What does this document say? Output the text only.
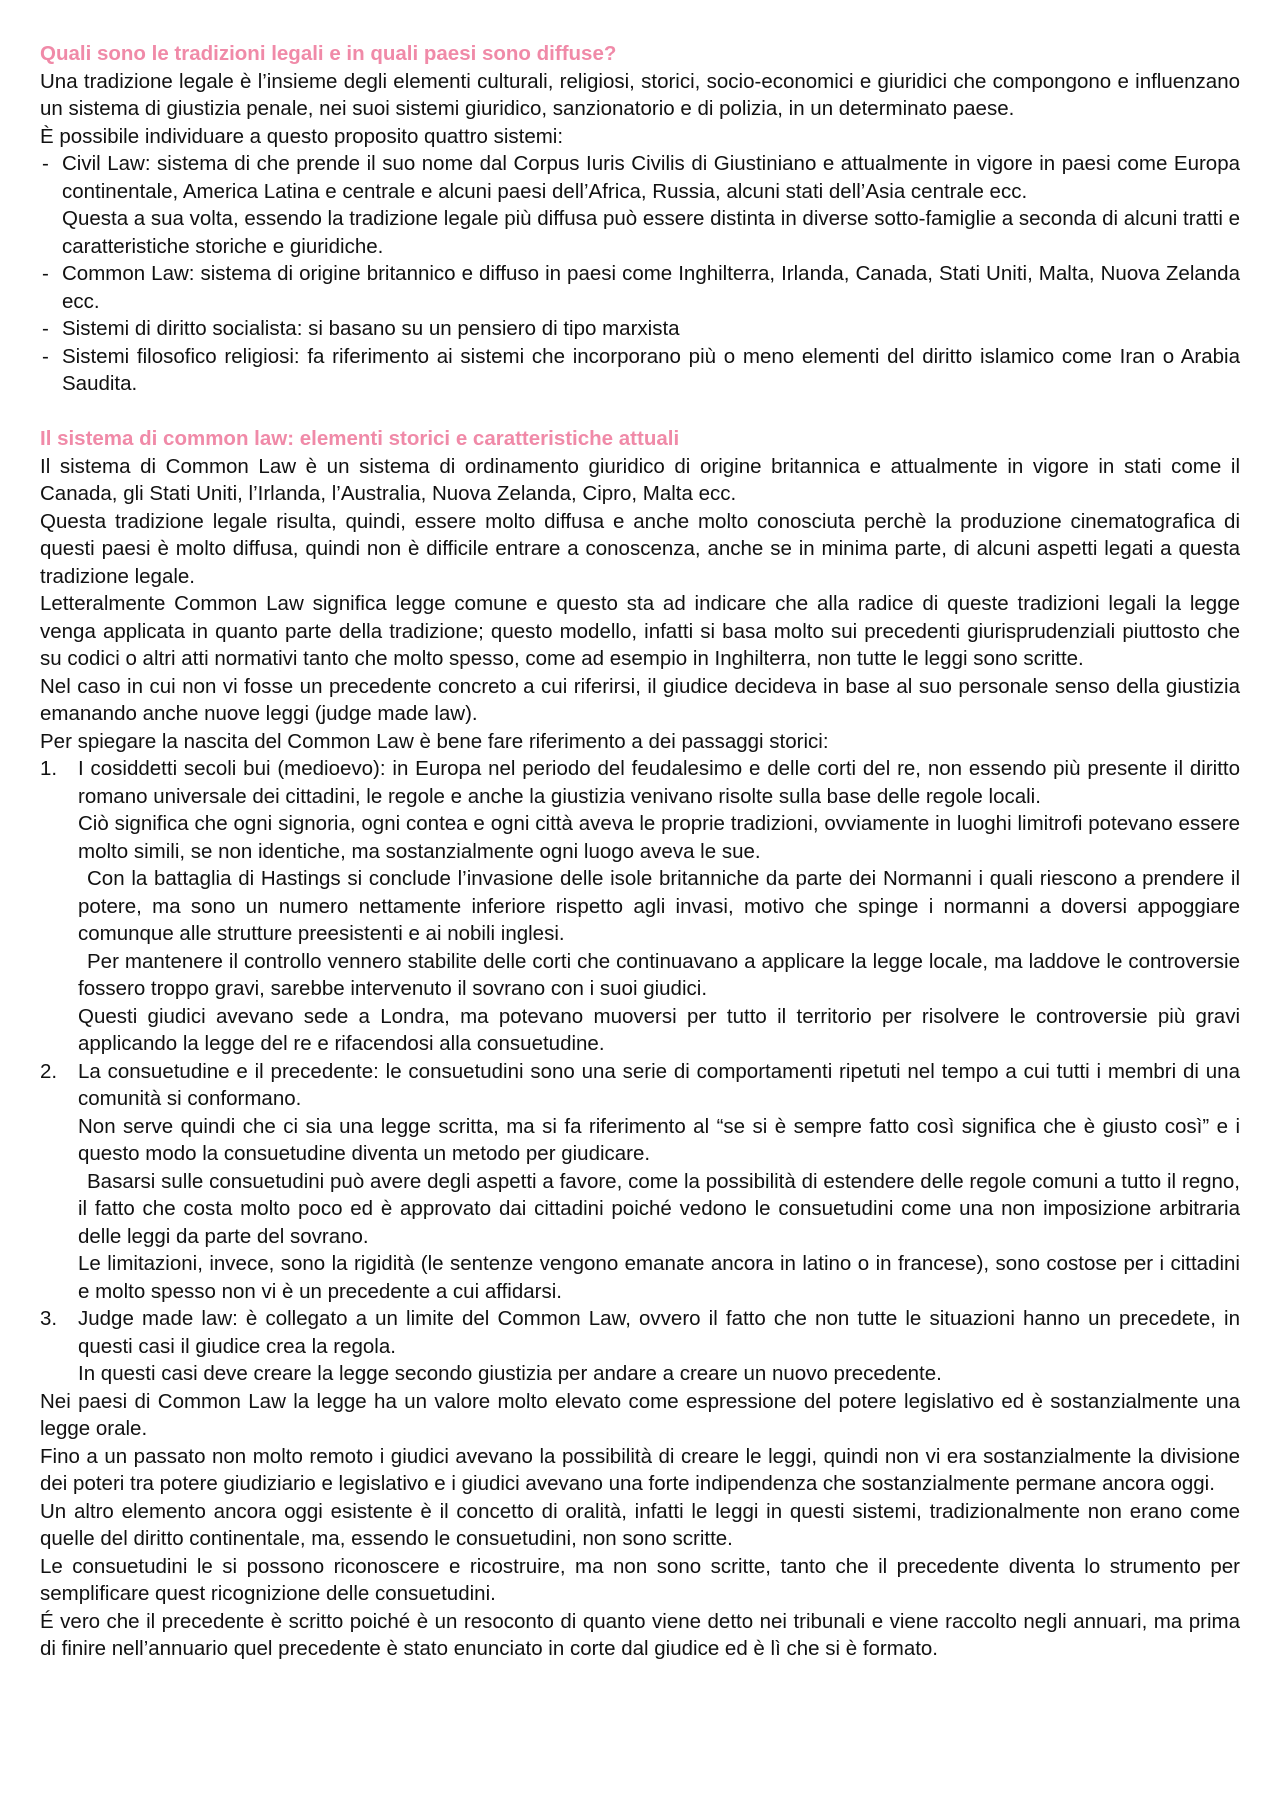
Quali sono le tradizioni legali e in quali paesi sono diffuse?

Una tradizione legale è l’insieme degli elementi culturali, religiosi, storici, socio-economici e giuridici che compongono e influenzano un sistema di giustizia penale, nei suoi sistemi giuridico, sanzionatorio e di polizia, in un determinato paese.

È possibile individuare a questo proposito quattro sistemi:

- Civil Law: sistema di che prende il suo nome dal Corpus Iuris Civilis di Giustiniano e attualmente in vigore in paesi come Europa continentale, America Latina e centrale e alcuni paesi dell’Africa, Russia, alcuni stati dell’Asia centrale ecc.

Questa a sua volta, essendo la tradizione legale più diffusa può essere distinta in diverse sotto-famiglie a seconda di alcuni tratti e caratteristiche storiche e giuridiche.

- Common Law: sistema di origine britannico e diffuso in paesi come Inghilterra, Irlanda, Canada, Stati Uniti, Malta, Nuova Zelanda ecc.

- Sistemi di diritto socialista: si basano su un pensiero di tipo marxista

- Sistemi filosofico religiosi: fa riferimento ai sistemi che incorporano più o meno elementi del diritto islamico come Iran o Arabia Saudita.

Il sistema di common law: elementi storici e caratteristiche attuali

Il sistema di Common Law è un sistema di ordinamento giuridico di origine britannica e attualmente in vigore in stati come il Canada, gli Stati Uniti, l’Irlanda, l’Australia, Nuova Zelanda, Cipro, Malta ecc.

Questa tradizione legale risulta, quindi, essere molto diffusa e anche molto conosciuta perchè la produzione cinematografica di questi paesi è molto diffusa, quindi non è difficile entrare a conoscenza, anche se in minima parte, di alcuni aspetti legati a questa tradizione legale.

Letteralmente Common Law significa legge comune e questo sta ad indicare che alla radice di queste tradizioni legali la legge venga applicata in quanto parte della tradizione; questo modello, infatti si basa molto sui precedenti giurisprudenziali piuttosto che su codici o altri atti normativi tanto che molto spesso, come ad esempio in Inghilterra, non tutte le leggi sono scritte.

Nel caso in cui non vi fosse un precedente concreto a cui riferirsi, il giudice decideva in base al suo personale senso della giustizia emanando anche nuove leggi (judge made law).

Per spiegare la nascita del Common Law è bene fare riferimento a dei passaggi storici:

1. I cosiddetti secoli bui (medioevo): in Europa nel periodo del feudalesimo e delle corti del re, non essendo più presente il diritto romano universale dei cittadini, le regole e anche la giustizia venivano risolte sulla base delle regole locali.

Ciò significa che ogni signoria, ogni contea e ogni città aveva le proprie tradizioni, ovviamente in luoghi limitrofi potevano essere molto simili, se non identiche, ma sostanzialmente ogni luogo aveva le sue.

Con la battaglia di Hastings si conclude l’invasione delle isole britanniche da parte dei Normanni i quali riescono a prendere il potere, ma sono un numero nettamente inferiore rispetto agli invasi, motivo che spinge i normanni a doversi appoggiare comunque alle strutture preesistenti e ai nobili inglesi.

Per mantenere il controllo vennero stabilite delle corti che continuavano a applicare la legge locale, ma laddove le controversie fossero troppo gravi, sarebbe intervenuto il sovrano con i suoi giudici.

Questi giudici avevano sede a Londra, ma potevano muoversi per tutto il territorio per risolvere le controversie più gravi applicando la legge del re e rifacendosi alla consuetudine.

2. La consuetudine e il precedente: le consuetudini sono una serie di comportamenti ripetuti nel tempo a cui tutti i membri di una comunità si conformano.

Non serve quindi che ci sia una legge scritta, ma si fa riferimento al “se si è sempre fatto così significa che è giusto così” e i questo modo la consuetudine diventa un metodo per giudicare.

Basarsi sulle consuetudini può avere degli aspetti a favore, come la possibilità di estendere delle regole comuni a tutto il regno, il fatto che costa molto poco ed è approvato dai cittadini poiché vedono le consuetudini come una non imposizione arbitraria delle leggi da parte del sovrano.

Le limitazioni, invece, sono la rigidità (le sentenze vengono emanate ancora in latino o in francese), sono costose per i cittadini e molto spesso non vi è un precedente a cui affidarsi.

3. Judge made law: è collegato a un limite del Common Law, ovvero il fatto che non tutte le situazioni hanno un precedete, in questi casi il giudice crea la regola.

In questi casi deve creare la legge secondo giustizia per andare a creare un nuovo precedente.

Nei paesi di Common Law la legge ha un valore molto elevato come espressione del potere legislativo ed è sostanzialmente una legge orale.

Fino a un passato non molto remoto i giudici avevano la possibilità di creare le leggi, quindi non vi era sostanzialmente la divisione dei poteri tra potere giudiziario e legislativo e i giudici avevano una forte indipendenza che sostanzialmente permane ancora oggi.

Un altro elemento ancora oggi esistente è il concetto di oralità, infatti le leggi in questi sistemi, tradizionalmente non erano come quelle del diritto continentale, ma, essendo le consuetudini, non sono scritte.

Le consuetudini le si possono riconoscere e ricostruire, ma non sono scritte, tanto che il precedente diventa lo strumento per semplificare quest ricognizione delle consuetudini.

É vero che il precedente è scritto poiché è un resoconto di quanto viene detto nei tribunali e viene raccolto negli annuari, ma prima di finire nell’annuario quel precedente è stato enunciato in corte dal giudice ed è lì che si è formato.
